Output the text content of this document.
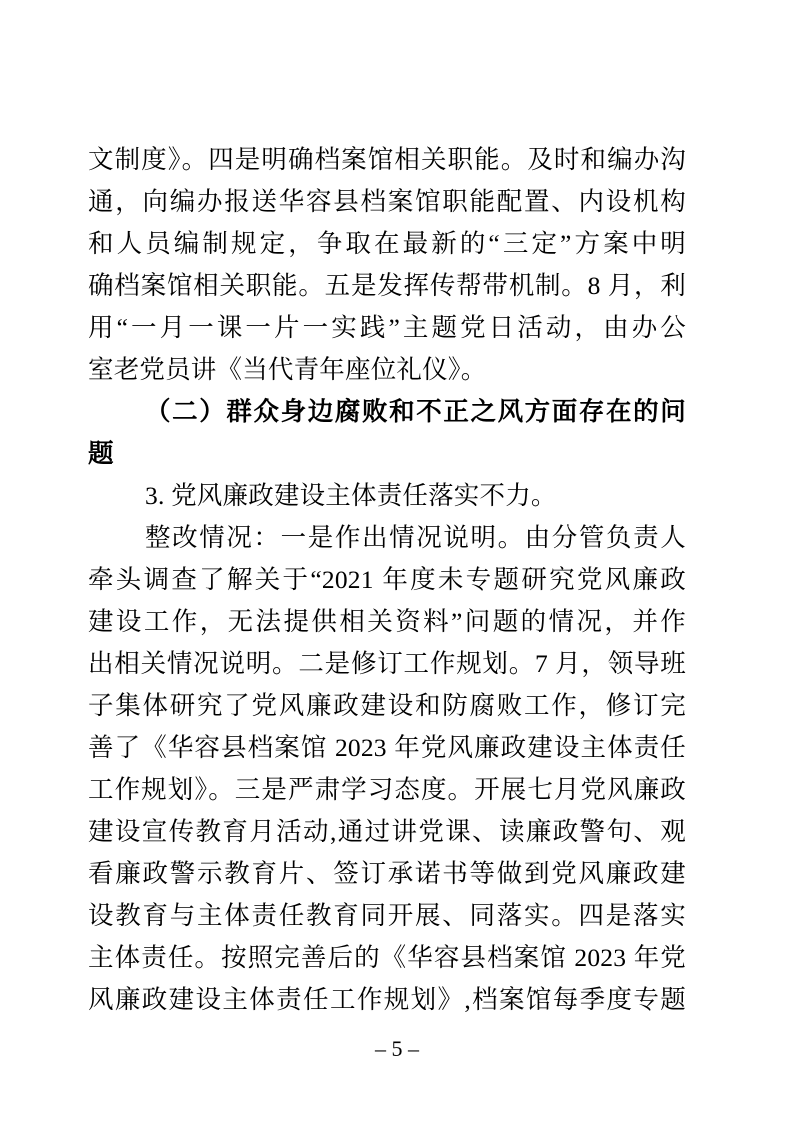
文制度》。四是明确档案馆相关职能。及时和编办沟
通，向编办报送华容县档案馆职能配置、内设机构
和人员编制规定，争取在最新的“三定”方案中明
确档案馆相关职能。五是发挥传帮带机制。8 月，利
用“一月一课一片一实践”主题党日活动，由办公
室老党员讲《当代青年座位礼仪》。
（二）群众身边腐败和不正之风方面存在的问
题
3. 党风廉政建设主体责任落实不力。
整改情况：一是作出情况说明。由分管负责人
牵头调查了解关于“2021 年度未专题研究党风廉政
建设工作，无法提供相关资料”问题的情况，并作
出相关情况说明。二是修订工作规划。7 月，领导班
子集体研究了党风廉政建设和防腐败工作，修订完
善了《华容县档案馆 2023 年党风廉政建设主体责任
工作规划》。三是严肃学习态度。开展七月党风廉政
建设宣传教育月活动,通过讲党课、读廉政警句、观
看廉政警示教育片、签订承诺书等做到党风廉政建
设教育与主体责任教育同开展、同落实。四是落实
主体责任。按照完善后的《华容县档案馆 2023 年党
风廉政建设主体责任工作规划》,档案馆每季度专题
– 5 –
